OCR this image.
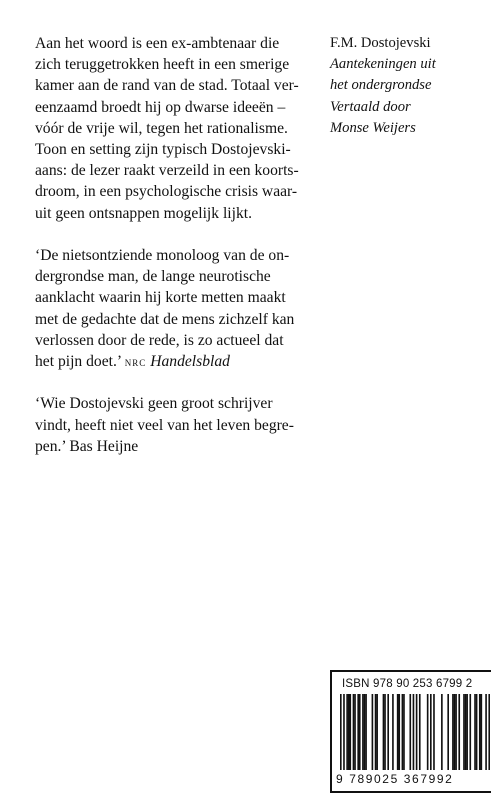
Aan het woord is een ex-ambtenaar die
zich teruggetrokken heeft in een smerige
kamer aan de rand van de stad. Totaal ver-
eenzaamd broedt hij op dwarse ideeën –
vóór de vrije wil, tegen het rationalisme.
Toon en setting zijn typisch Dostojevski-
aans: de lezer raakt verzeild in een koorts-
droom, in een psychologische crisis waar-
uit geen ontsnappen mogelijk lijkt.

‘De nietsontziende monoloog van de on-
dergrondse man, de lange neurotische
aanklacht waarin hij korte metten maakt
met de gedachte dat de mens zichzelf kan
verlossen door de rede, is zo actueel dat
het pijn doet.’ nrc Handelsblad

‘Wie Dostojevski geen groot schrijver
vindt, heeft niet veel van het leven begre-
pen.’ Bas Heijne

F.M. Dostojevski
Aantekeningen uit
het ondergrondse
Vertaald door
Monse Weijers
ISBN 978 90 253 6799 2
9 789025 367992
